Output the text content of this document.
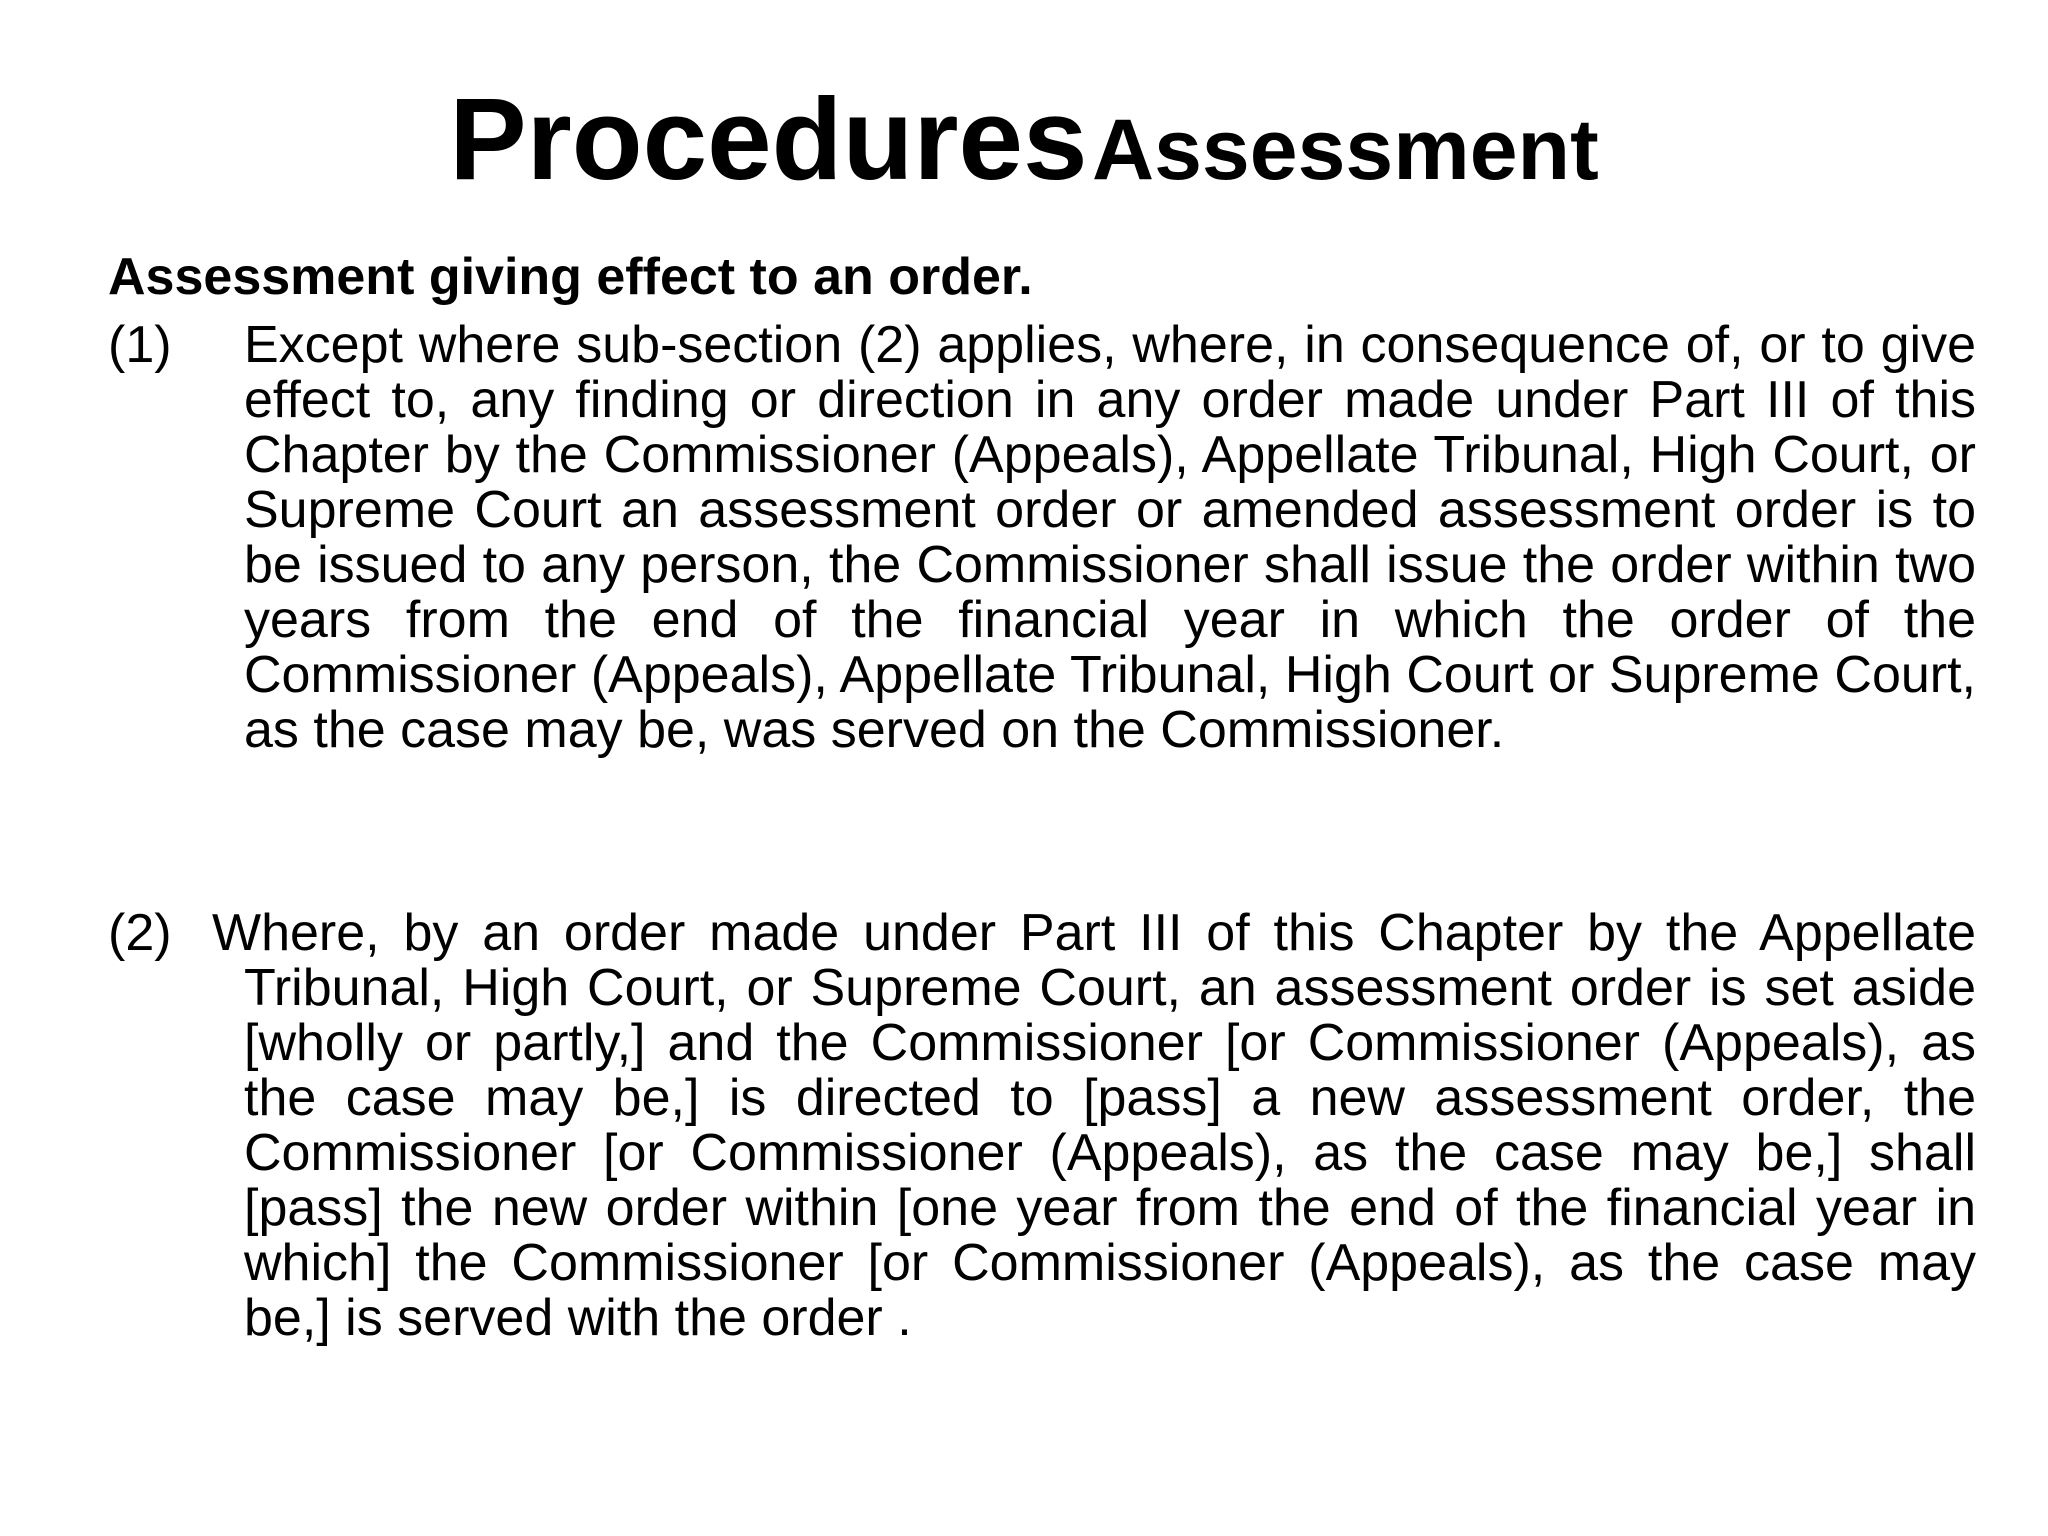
Procedures Assessment
Assessment giving effect to an order.
(1)	Except where sub-section (2) applies, where, in consequence of, or to give effect to, any finding or direction in any order made under Part III of this Chapter by the Commissioner (Appeals), Appellate Tribunal, High Court, or Supreme Court an assessment order or amended assessment order is to be issued to any person, the Commissioner shall issue the order within two years from the end of the financial year in which the order of the Commissioner (Appeals), Appellate Tribunal, High Court or Supreme Court, as the case may be, was served on the Commissioner.
(2) Where, by an order made under Part III of this Chapter by the Appellate Tribunal, High Court, or Supreme Court, an assessment order is set aside [wholly or partly,] and the Commissioner [or Commissioner (Appeals), as the case may be,] is directed to [pass] a new assessment order, the Commissioner [or Commissioner (Appeals), as the case may be,] shall [pass] the new order within [one year from the end of the financial year in which] the Commissioner [or Commissioner (Appeals), as the case may be,] is served with the order .
